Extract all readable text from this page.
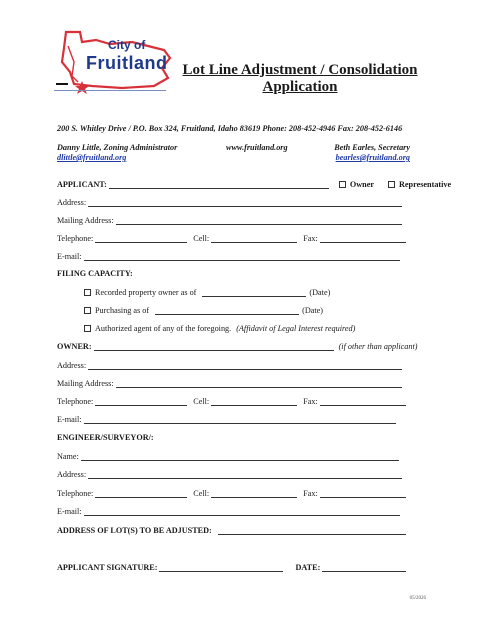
City of
Fruitland Lot Line Adjustment / Consolidation
Application
200 S. Whitley Drive / P.O. Box 324, Fruitland, Idaho 83619 Phone: 208-452-4946 Fax: 208-452-6146
Danny Little, Zoning Administrator
dlittle@fruitland.org
www.fruitland.org	Beth Earles, Secretary
bearles@fruitland.org
APPLICANT:	Owner	Representative
Address:
Mailing Address:
Telephone:	Cell:	Fax:
E-mail:
FILING CAPACITY:
Recorded property owner as of	(Date)
Purchasing as of	(Date)
Authorized agent of any of the foregoing. (Affidavit of Legal Interest required)
OWNER:	(if other than applicant)
Address:
Mailing Address:
Telephone:	Cell:	Fax:
E-mail:
ENGINEER/SURVEYOR/:
Name:
Address:
Telephone:	Cell:	Fax:
E-mail:
ADDRESS OF LOT(S) TO BE ADJUSTED:
APPLICANT SIGNATURE:	DATE:
05/2026
